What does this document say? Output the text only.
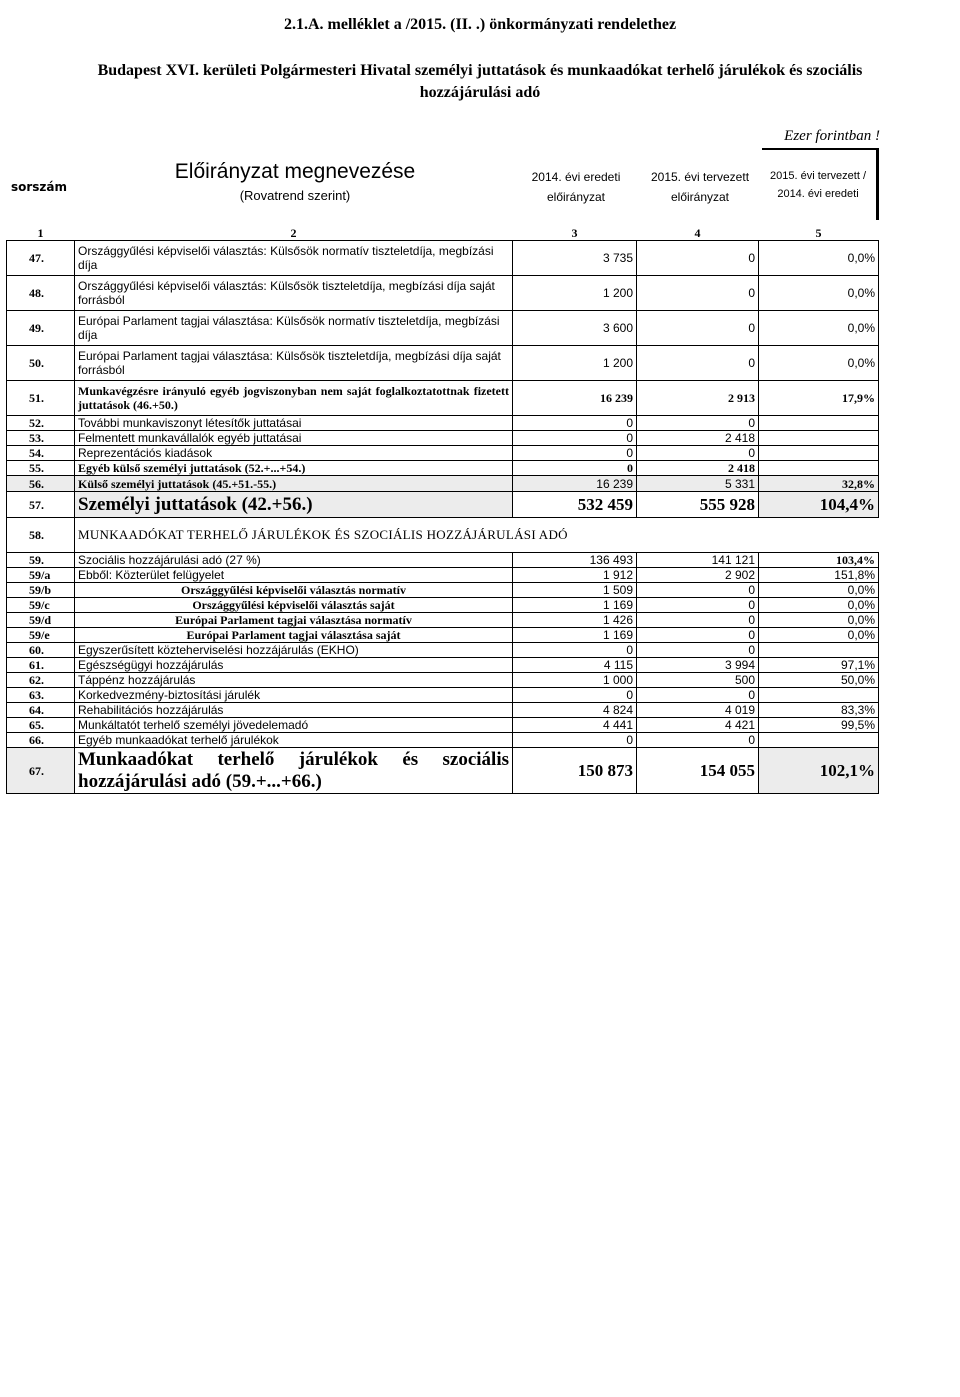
2.1.A. melléklet a /2015. (II. .) önkormányzati rendelethez
Budapest XVI. kerületi Polgármesteri Hivatal személyi juttatások és munkaadókat terhelő járulékok és szociális
hozzájárulási adó
Ezer forintban !
sorszám
Előirányzat megnevezése
(Rovatrend szerint)
2014. évi eredeti
előirányzat
2015. évi tervezett
előirányzat
2015. évi tervezett /
2014. évi eredeti
1	2	3	4	5
47.	Országgyűlési képviselői választás: Külsősök normatív tiszteletdíja, megbízási díja	3 735	0	0,0%
48.	Országgyűlési képviselői választás: Külsősök tiszteletdíja, megbízási díja saját forrásból	1 200	0	0,0%
49.	Európai Parlament tagjai választása: Külsősök normatív tiszteletdíja, megbízási díja	3 600	0	0,0%
50.	Európai Parlament tagjai választása: Külsősök tiszteletdíja, megbízási díja saját forrásból	1 200	0	0,0%
51.	Munkavégzésre irányuló egyéb jogviszonyban nem saját foglalkoztatottnak fizetett juttatások (46.+50.)	16 239	2 913	17,9%
52.	További munkaviszonyt létesítők juttatásai	0	0	
53.	Felmentett munkavállalók egyéb juttatásai	0	2 418	
54.	Reprezentációs kiadások	0	0	
55.	Egyéb külső személyi juttatások (52.+...+54.)	0	2 418	
56.	Külső személyi juttatások (45.+51.-55.)	16 239	5 331	32,8%
57.	Személyi juttatások (42.+56.)	532 459	555 928	104,4%
58.	MUNKAADÓKAT TERHELŐ JÁRULÉKOK ÉS SZOCIÁLIS HOZZÁJÁRULÁSI ADÓ			
59.	Szociális hozzájárulási adó (27 %)	136 493	141 121	103,4%
59/a	Ebből: Közterület felügyelet	1 912	2 902	151,8%
59/b	Országgyűlési képviselői választás normatív	1 509	0	0,0%
59/c	Országgyűlési képviselői választás saját	1 169	0	0,0%
59/d	Európai Parlament tagjai választása normatív	1 426	0	0,0%
59/e	Európai Parlament tagjai választása saját	1 169	0	0,0%
60.	Egyszerűsített közteherviselési hozzájárulás (EKHO)	0	0	
61.	Egészségügyi hozzájárulás	4 115	3 994	97,1%
62.	Táppénz hozzájárulás	1 000	500	50,0%
63.	Korkedvezmény-biztosítási járulék	0	0	
64.	Rehabilitációs hozzájárulás	4 824	4 019	83,3%
65.	Munkáltatót terhelő személyi jövedelemadó	4 441	4 421	99,5%
66.	Egyéb munkaadókat terhelő járulékok	0	0	
67.	Munkaadókat terhelő járulékok és szociális hozzájárulási adó (59.+...+66.)	150 873	154 055	102,1%
